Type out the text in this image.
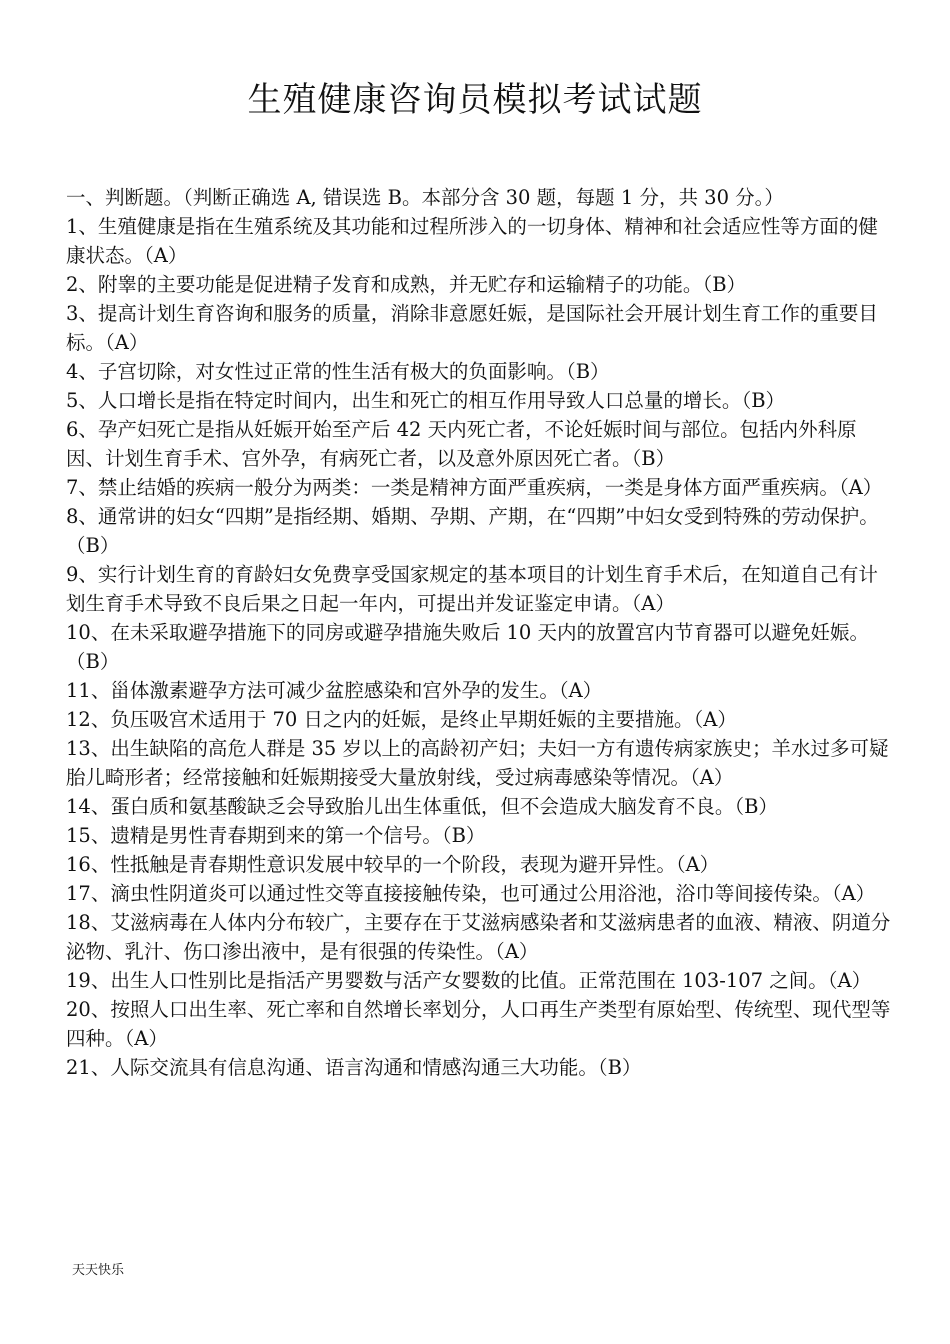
生殖健康咨询员模拟考试试题
一、判断题。（判断正确选 A, 错误选 B。本部分含 30 题，每题 1 分，共 30 分。）
1、生殖健康是指在生殖系统及其功能和过程所涉入的一切身体、精神和社会适应性等方面的健康状态。（A）
2、附睾的主要功能是促进精子发育和成熟，并无贮存和运输精子的功能。（B）
3、提高计划生育咨询和服务的质量，消除非意愿妊娠，是国际社会开展计划生育工作的重要目标。（A）
4、子宫切除，对女性过正常的性生活有极大的负面影响。（B）
5、人口增长是指在特定时间内，出生和死亡的相互作用导致人口总量的增长。（B）
6、孕产妇死亡是指从妊娠开始至产后 42 天内死亡者，不论妊娠时间与部位。包括内外科原因、计划生育手术、宫外孕，有病死亡者，以及意外原因死亡者。（B）
7、禁止结婚的疾病一般分为两类：一类是精神方面严重疾病，一类是身体方面严重疾病。（A）
8、通常讲的妇女“四期”是指经期、婚期、孕期、产期，在“四期”中妇女受到特殊的劳动保护。（B）
9、实行计划生育的育龄妇女免费享受国家规定的基本项目的计划生育手术后，在知道自己有计划生育手术导致不良后果之日起一年内，可提出并发证鉴定申请。（A）
10、在未采取避孕措施下的同房或避孕措施失败后 10 天内的放置宫内节育器可以避免妊娠。（B）
11、甾体激素避孕方法可减少盆腔感染和宫外孕的发生。（A）
12、负压吸宫术适用于 70 日之内的妊娠，是终止早期妊娠的主要措施。（A）
13、出生缺陷的高危人群是 35 岁以上的高龄初产妇；夫妇一方有遗传病家族史；羊水过多可疑胎儿畸形者；经常接触和妊娠期接受大量放射线，受过病毒感染等情况。（A）
14、蛋白质和氨基酸缺乏会导致胎儿出生体重低，但不会造成大脑发育不良。（B）
15、遗精是男性青春期到来的第一个信号。（B）
16、性抵触是青春期性意识发展中较早的一个阶段，表现为避开异性。（A）
17、滴虫性阴道炎可以通过性交等直接接触传染，也可通过公用浴池，浴巾等间接传染。（A）
18、艾滋病毒在人体内分布较广，主要存在于艾滋病感染者和艾滋病患者的血液、精液、阴道分泌物、乳汁、伤口渗出液中，是有很强的传染性。（A）
19、出生人口性别比是指活产男婴数与活产女婴数的比值。正常范围在 103-107 之间。（A）
20、按照人口出生率、死亡率和自然增长率划分，人口再生产类型有原始型、传统型、现代型等四种。（A）
21、人际交流具有信息沟通、语言沟通和情感沟通三大功能。（B）
天天快乐
